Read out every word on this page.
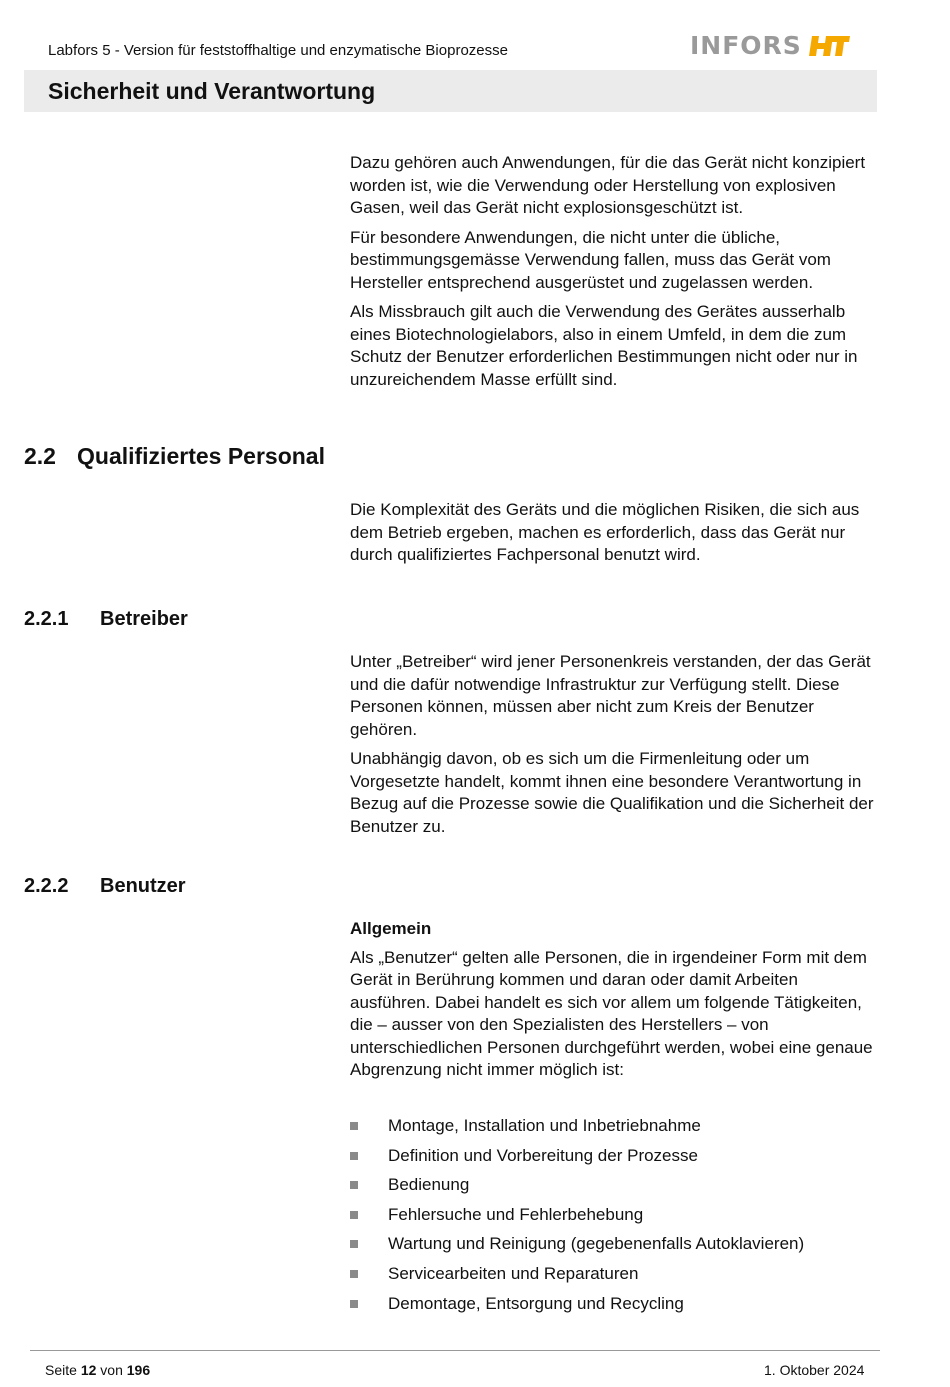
Labfors 5 - Version für feststoffhaltige und enzymatische Bioprozesse	INFORS
Sicherheit und Verantwortung

Dazu gehören auch Anwendungen, für die das Gerät nicht konzipiert worden ist, wie die Verwendung oder Herstellung von explosiven Gasen, weil das Gerät nicht explosionsgeschützt ist.

Für besondere Anwendungen, die nicht unter die übliche, bestimmungsgemässe Verwendung fallen, muss das Gerät vom Hersteller entsprechend ausgerüstet und zugelassen werden.

Als Missbrauch gilt auch die Verwendung des Gerätes ausserhalb eines Biotechnologielabors, also in einem Umfeld, in dem die zum Schutz der Benutzer erforderlichen Bestimmungen nicht oder nur in unzureichendem Masse erfüllt sind.

2.2 Qualifiziertes Personal

Die Komplexität des Geräts und die möglichen Risiken, die sich aus dem Betrieb ergeben, machen es erforderlich, dass das Gerät nur durch qualifiziertes Fachpersonal benutzt wird.

2.2.1 Betreiber

Unter „Betreiber“ wird jener Personenkreis verstanden, der das Gerät und die dafür notwendige Infrastruktur zur Verfügung stellt. Diese Personen können, müssen aber nicht zum Kreis der Benutzer gehören.

Unabhängig davon, ob es sich um die Firmenleitung oder um Vorgesetzte handelt, kommt ihnen eine besondere Verantwortung in Bezug auf die Prozesse sowie die Qualifikation und die Sicherheit der Benutzer zu.

2.2.2 Benutzer
Allgemein

Als „Benutzer“ gelten alle Personen, die in irgendeiner Form mit dem Gerät in Berührung kommen und daran oder damit Arbeiten ausführen. Dabei handelt es sich vor allem um folgende Tätigkeiten, die – ausser von den Spezialisten des Herstellers – von unterschiedlichen Personen durchgeführt werden, wobei eine genaue Abgrenzung nicht immer möglich ist:

Montage, Installation und Inbetriebnahme
Definition und Vorbereitung der Prozesse
Bedienung
Fehlersuche und Fehlerbehebung
Wartung und Reinigung (gegebenenfalls Autoklavieren)
Servicearbeiten und Reparaturen
Demontage, Entsorgung und Recycling
Seite 12 von 196	1. Oktober 2024
